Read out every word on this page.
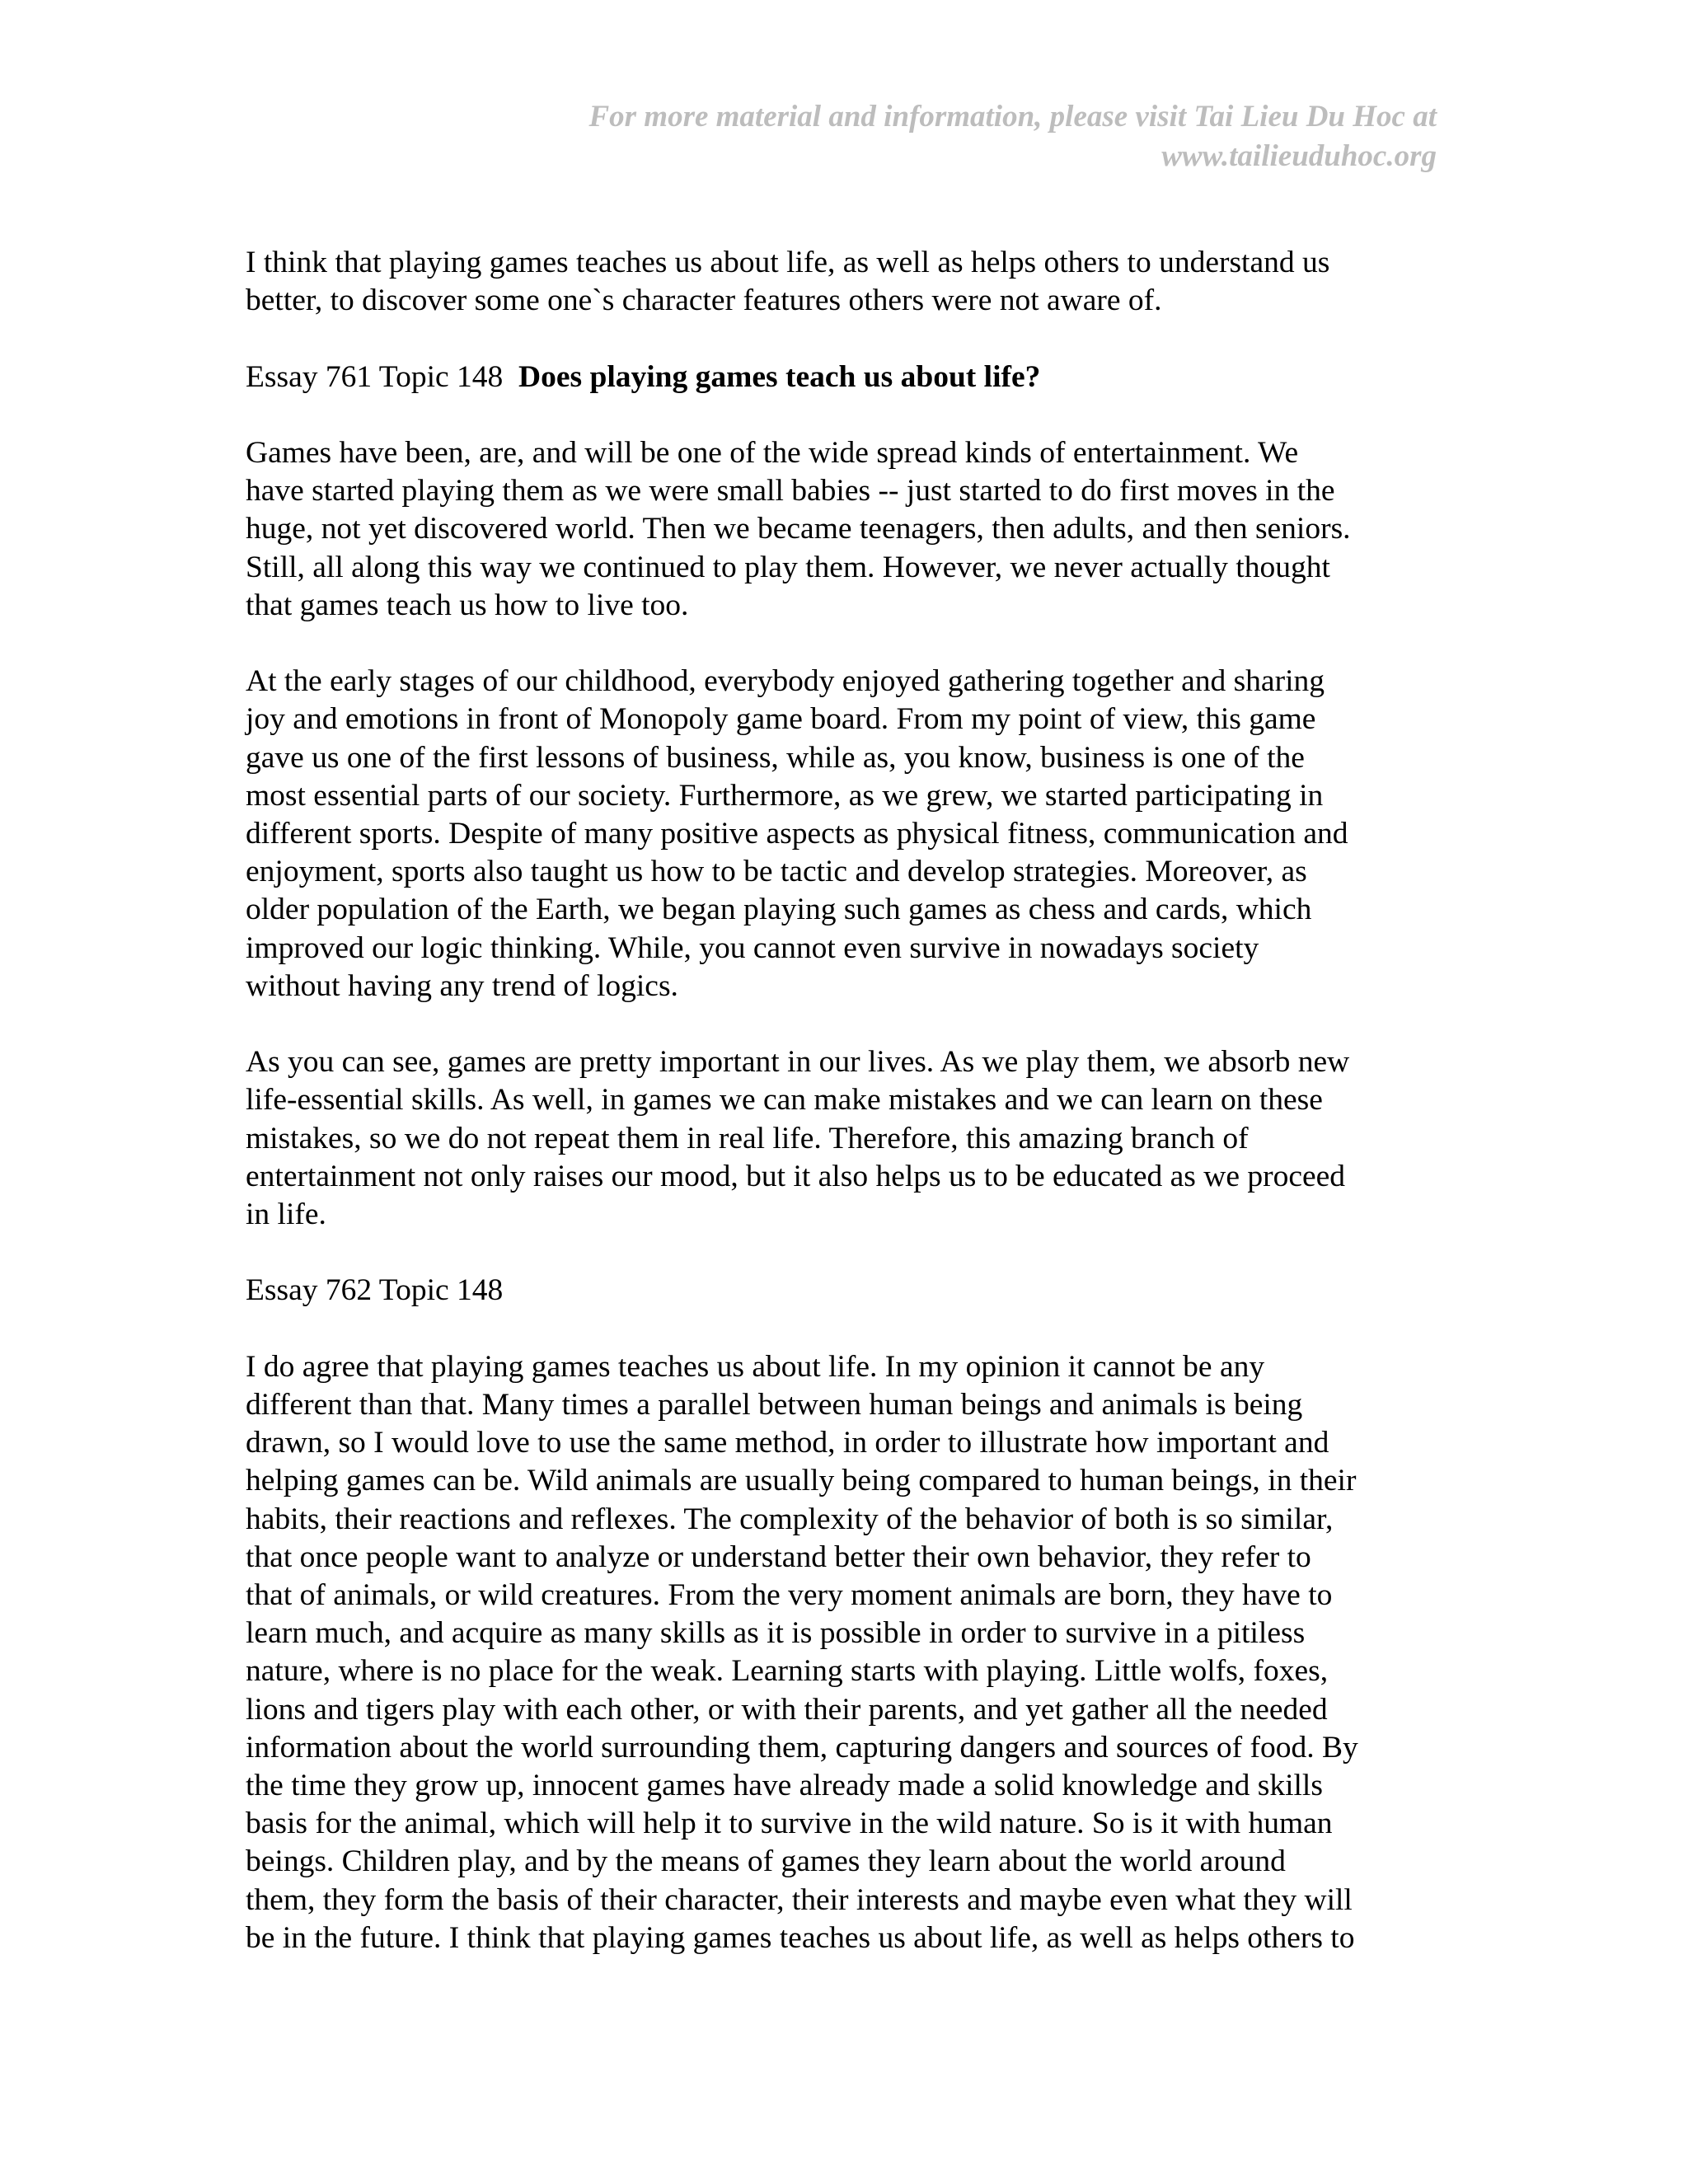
For more material and information, please visit Tai Lieu Du Hoc at
www.tailieuduhoc.org
I think that playing games teaches us about life, as well as helps others to understand us
better, to discover some one`s character features others were not aware of.
Essay 761 Topic 148 Does playing games teach us about life?
Games have been, are, and will be one of the wide spread kinds of entertainment. We
have started playing them as we were small babies -- just started to do first moves in the
huge, not yet discovered world. Then we became teenagers, then adults, and then seniors.
Still, all along this way we continued to play them. However, we never actually thought
that games teach us how to live too.
At the early stages of our childhood, everybody enjoyed gathering together and sharing
joy and emotions in front of Monopoly game board. From my point of view, this game
gave us one of the first lessons of business, while as, you know, business is one of the
most essential parts of our society. Furthermore, as we grew, we started participating in
different sports. Despite of many positive aspects as physical fitness, communication and
enjoyment, sports also taught us how to be tactic and develop strategies. Moreover, as
older population of the Earth, we began playing such games as chess and cards, which
improved our logic thinking. While, you cannot even survive in nowadays society
without having any trend of logics.
As you can see, games are pretty important in our lives. As we play them, we absorb new
life-essential skills. As well, in games we can make mistakes and we can learn on these
mistakes, so we do not repeat them in real life. Therefore, this amazing branch of
entertainment not only raises our mood, but it also helps us to be educated as we proceed
in life.
Essay 762 Topic 148
I do agree that playing games teaches us about life. In my opinion it cannot be any
different than that. Many times a parallel between human beings and animals is being
drawn, so I would love to use the same method, in order to illustrate how important and
helping games can be. Wild animals are usually being compared to human beings, in their
habits, their reactions and reflexes. The complexity of the behavior of both is so similar,
that once people want to analyze or understand better their own behavior, they refer to
that of animals, or wild creatures. From the very moment animals are born, they have to
learn much, and acquire as many skills as it is possible in order to survive in a pitiless
nature, where is no place for the weak. Learning starts with playing. Little wolfs, foxes,
lions and tigers play with each other, or with their parents, and yet gather all the needed
information about the world surrounding them, capturing dangers and sources of food. By
the time they grow up, innocent games have already made a solid knowledge and skills
basis for the animal, which will help it to survive in the wild nature. So is it with human
beings. Children play, and by the means of games they learn about the world around
them, they form the basis of their character, their interests and maybe even what they will
be in the future. I think that playing games teaches us about life, as well as helps others to
